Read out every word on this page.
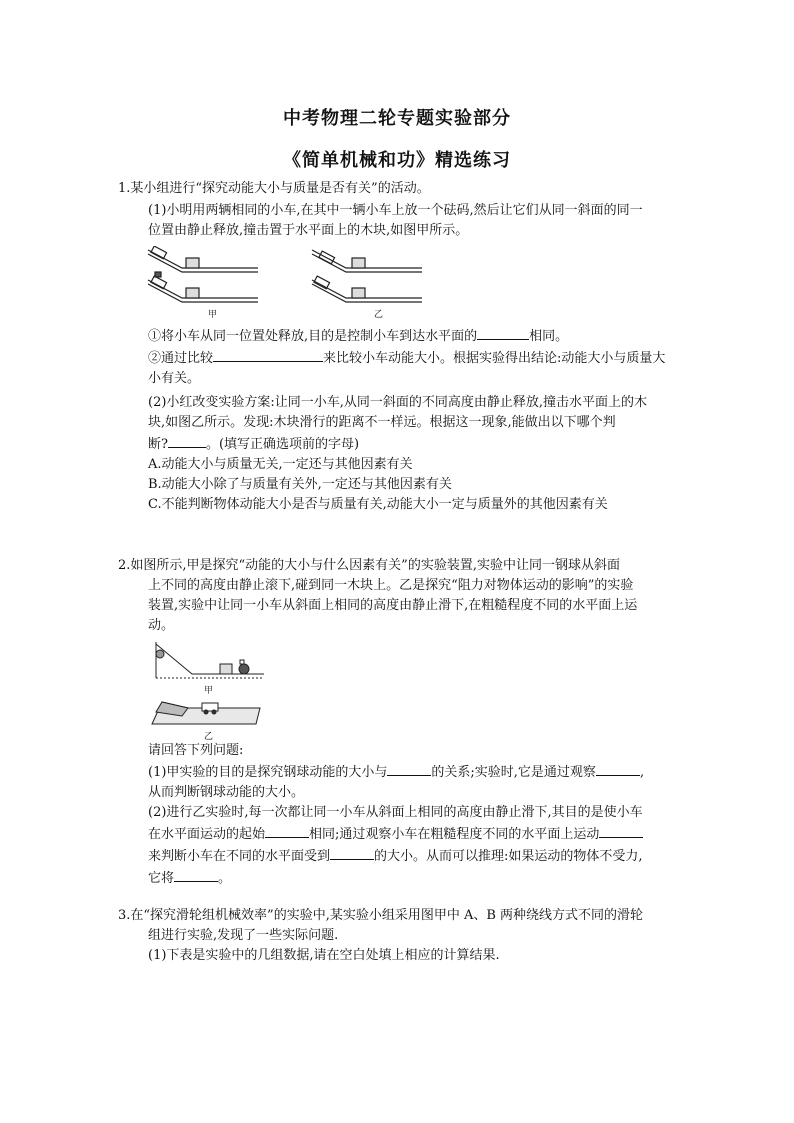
中考物理二轮专题实验部分
《简单机械和功》精选练习
1.某小组进行“探究动能大小与质量是否有关”的活动。
(1)小明用两辆相同的小车,在其中一辆小车上放一个砝码,然后让它们从同一斜面的同一
位置由静止释放,撞击置于水平面上的木块,如图甲所示。
甲	乙
①将小车从同一位置处释放,目的是控制小车到达水平面的	相同。
②通过比较	来比较小车动能大小。根据实验得出结论:动能大小与质量大
小有关。
(2)小红改变实验方案:让同一小车,从同一斜面的不同高度由静止释放,撞击水平面上的木
块,如图乙所示。发现:木块滑行的距离不一样远。根据这一现象,能做出以下哪个判
断?	。(填写正确选项前的字母)
A.动能大小与质量无关,一定还与其他因素有关
B.动能大小除了与质量有关外,一定还与其他因素有关
C.不能判断物体动能大小是否与质量有关,动能大小一定与质量外的其他因素有关
2.如图所示,甲是探究“动能的大小与什么因素有关”的实验装置,实验中让同一钢球从斜面
上不同的高度由静止滚下,碰到同一木块上。乙是探究“阻力对物体运动的影响”的实验
装置,实验中让同一小车从斜面上相同的高度由静止滑下,在粗糙程度不同的水平面上运
动。
甲
乙
请回答下列问题:
(1)甲实验的目的是探究钢球动能的大小与	的关系;实验时,它是通过观察	,
从而判断钢球动能的大小。
(2)进行乙实验时,每一次都让同一小车从斜面上相同的高度由静止滑下,其目的是使小车
在水平面运动的起始	相同;通过观察小车在粗糙程度不同的水平面上运动
来判断小车在不同的水平面受到	的大小。从而可以推理:如果运动的物体不受力,
它将	。
3.在“探究滑轮组机械效率”的实验中,某实验小组采用图甲中 A、B 两种绕线方式不同的滑轮
组进行实验,发现了一些实际问题.
(1)下表是实验中的几组数据,请在空白处填上相应的计算结果.
